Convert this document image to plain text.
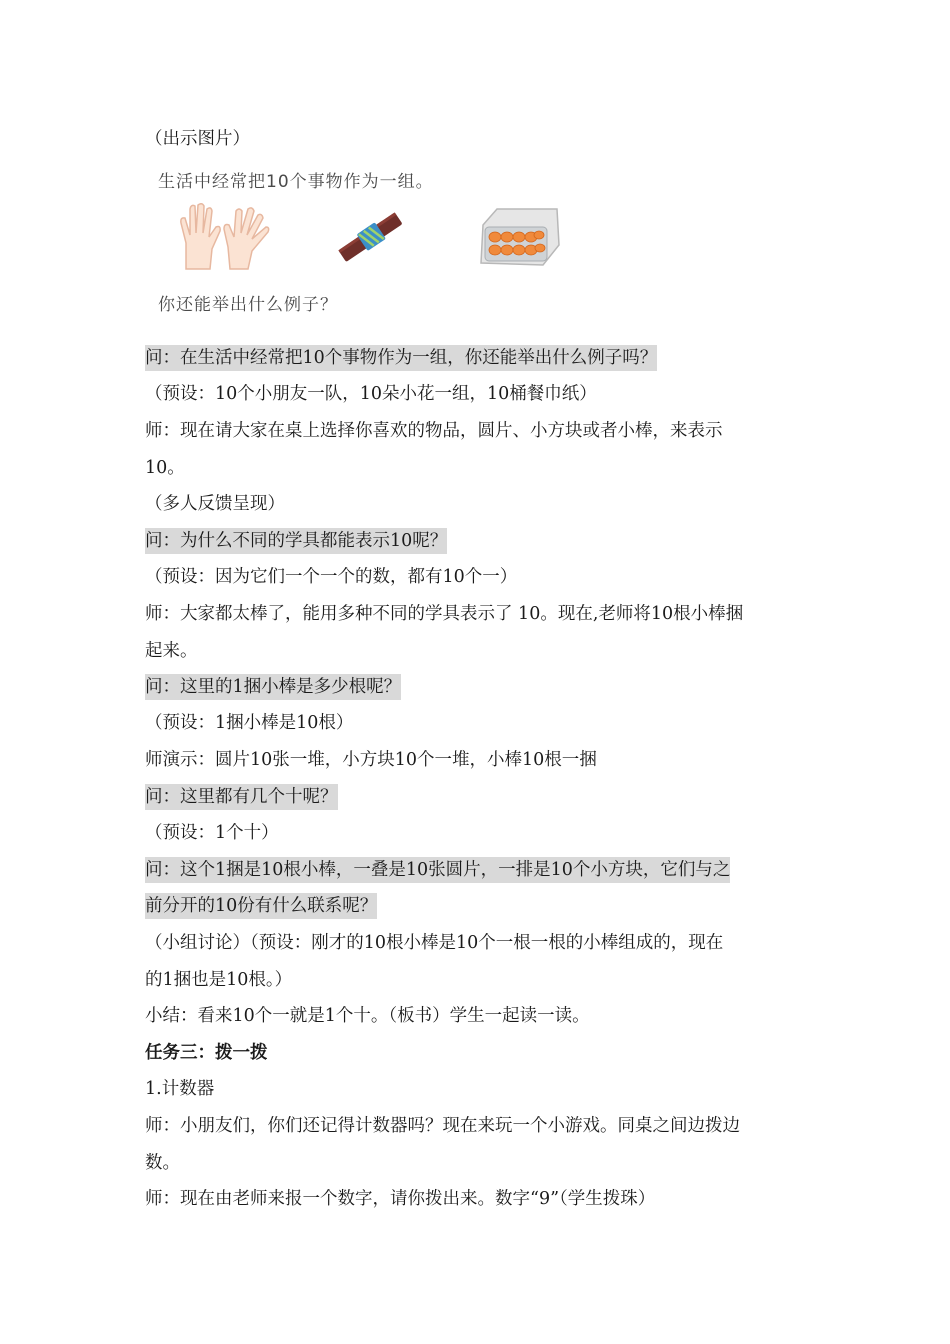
（出示图片）
生活中经常把10个事物作为一组。
你还能举出什么例子？
问：在生活中经常把10个事物作为一组，你还能举出什么例子吗？
（预设：10个小朋友一队，10朵小花一组，10桶餐巾纸）
师：现在请大家在桌上选择你喜欢的物品，圆片、小方块或者小棒，来表示
10。
（多人反馈呈现）
问：为什么不同的学具都能表示10呢？
（预设：因为它们一个一个的数，都有10个一）
师：大家都太棒了，能用多种不同的学具表示了 10。现在,老师将10根小棒捆
起来。
问：这里的1捆小棒是多少根呢？
（预设：1捆小棒是10根）
师演示：圆片10张一堆，小方块10个一堆，小棒10根一捆
问：这里都有几个十呢？
（预设：1个十）
问：这个1捆是10根小棒，一叠是10张圆片，一排是10个小方块，它们与之
前分开的10份有什么联系呢？
（小组讨论）（预设：刚才的10根小棒是10个一根一根的小棒组成的，现在
的1捆也是10根。）
小结：看来10个一就是1个十。（板书）学生一起读一读。
任务三：拨一拨
1.计数器
师：小朋友们，你们还记得计数器吗？现在来玩一个小游戏。同桌之间边拨边
数。
师：现在由老师来报一个数字，请你拨出来。数字“9”（学生拨珠）
